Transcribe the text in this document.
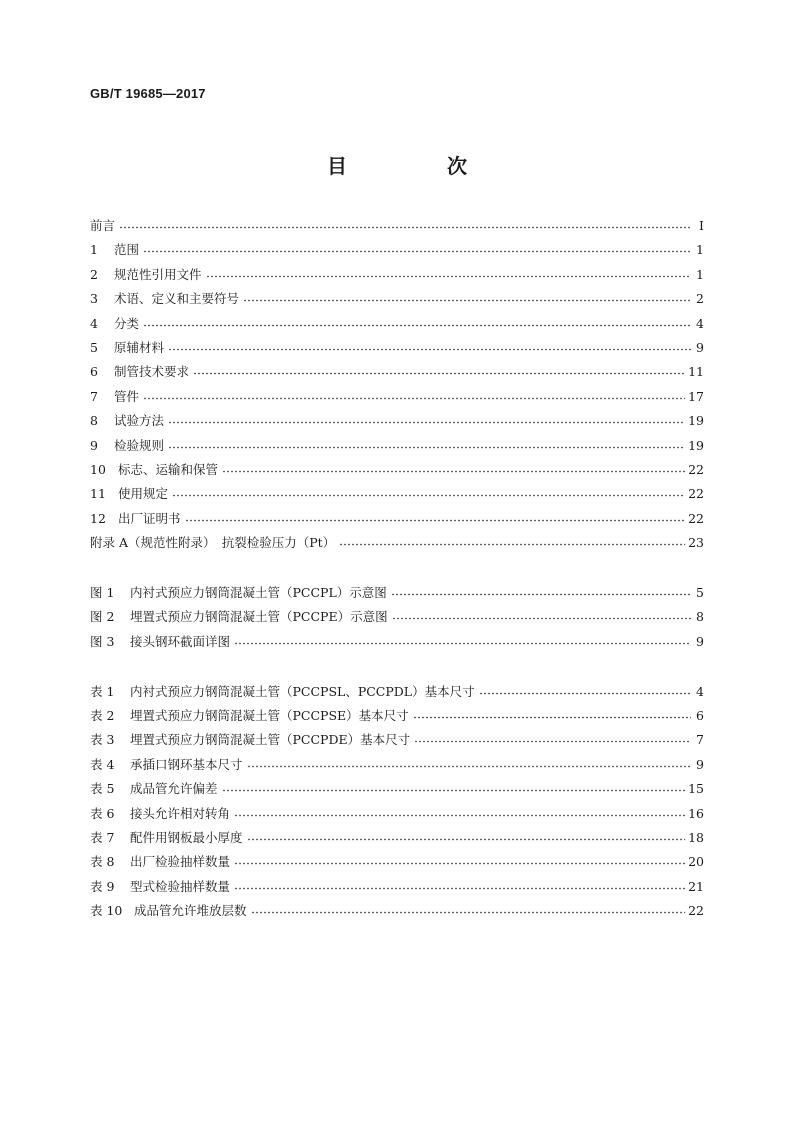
GB/T 19685—2017
目　次
前言	Ⅰ
1	范围	1
2	规范性引用文件	1
3	术语、定义和主要符号	2
4	分类	4
5	原辅材料	9
6	制管技术要求	11
7	管件	17
8	试验方法	19
9	检验规则	19
10 标志、运输和保管	22
11 使用规定	22
12 出厂证明书	22
附录 A（规范性附录）　抗裂检验压力（Pt）	23
图 1	内衬式预应力钢筒混凝土管（PCCPL）示意图	5
图 2	埋置式预应力钢筒混凝土管（PCCPE）示意图	8
图 3	接头钢环截面详图	9
表 1	内衬式预应力钢筒混凝土管（PCCPSL、PCCPDL）基本尺寸	4
表 2	埋置式预应力钢筒混凝土管（PCCPSE）基本尺寸	6
表 3	埋置式预应力钢筒混凝土管（PCCPDE）基本尺寸	7
表 4	承插口钢环基本尺寸	9
表 5	成品管允许偏差	15
表 6	接头允许相对转角	16
表 7	配件用钢板最小厚度	18
表 8	出厂检验抽样数量	20
表 9	型式检验抽样数量	21
表 10 成品管允许堆放层数	22
